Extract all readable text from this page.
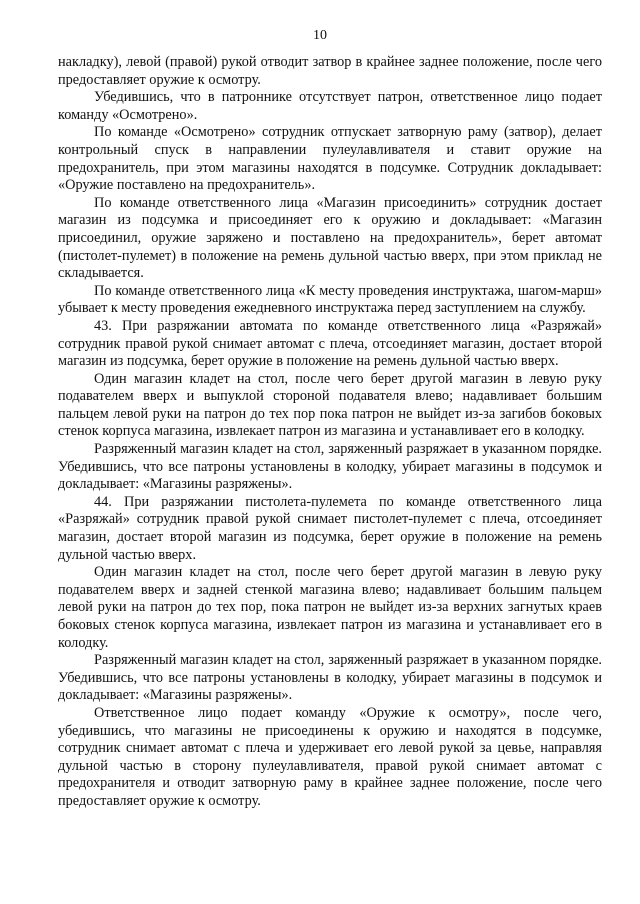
10

накладку), левой (правой) рукой отводит затвор в крайнее заднее положение, после чего предоставляет оружие к осмотру.

Убедившись, что в патроннике отсутствует патрон, ответственное лицо подает команду «Осмотрено».

По команде «Осмотрено» сотрудник отпускает затворную раму (затвор), делает контрольный спуск в направлении пулеулавливателя и ставит оружие на предохранитель, при этом магазины находятся в подсумке. Сотрудник докладывает: «Оружие поставлено на предохранитель».

По команде ответственного лица «Магазин присоединить» сотрудник достает магазин из подсумка и присоединяет его к оружию и докладывает: «Магазин присоединил, оружие заряжено и поставлено на предохранитель», берет автомат (пистолет-пулемет) в положение на ремень дульной частью вверх, при этом приклад не складывается.

По команде ответственного лица «К месту проведения инструктажа, шагом-марш» убывает к месту проведения ежедневного инструктажа перед заступлением на службу.

43. При разряжании автомата по команде ответственного лица «Разряжай» сотрудник правой рукой снимает автомат с плеча, отсоединяет магазин, достает второй магазин из подсумка, берет оружие в положение на ремень дульной частью вверх.

Один магазин кладет на стол, после чего берет другой магазин в левую руку подавателем вверх и выпуклой стороной подавателя влево; надавливает большим пальцем левой руки на патрон до тех пор пока патрон не выйдет из-за загибов боковых стенок корпуса магазина, извлекает патрон из магазина и устанавливает его в колодку.

Разряженный магазин кладет на стол, заряженный разряжает в указанном порядке. Убедившись, что все патроны установлены в колодку, убирает магазины в подсумок и докладывает: «Магазины разряжены».

44. При разряжании пистолета-пулемета по команде ответственного лица «Разряжай» сотрудник правой рукой снимает пистолет-пулемет с плеча, отсоединяет магазин, достает второй магазин из подсумка, берет оружие в положение на ремень дульной частью вверх.

Один магазин кладет на стол, после чего берет другой магазин в левую руку подавателем вверх и задней стенкой магазина влево; надавливает большим пальцем левой руки на патрон до тех пор, пока патрон не выйдет из-за верхних загнутых краев боковых стенок корпуса магазина, извлекает патрон из магазина и устанавливает его в колодку.

Разряженный магазин кладет на стол, заряженный разряжает в указанном порядке. Убедившись, что все патроны установлены в колодку, убирает магазины в подсумок и докладывает: «Магазины разряжены».

Ответственное лицо подает команду «Оружие к осмотру», после чего, убедившись, что магазины не присоединены к оружию и находятся в подсумке, сотрудник снимает автомат с плеча и удерживает его левой рукой за цевье, направляя дульной частью в сторону пулеулавливателя, правой рукой снимает автомат с предохранителя и отводит затворную раму в крайнее заднее положение, после чего предоставляет оружие к осмотру.
